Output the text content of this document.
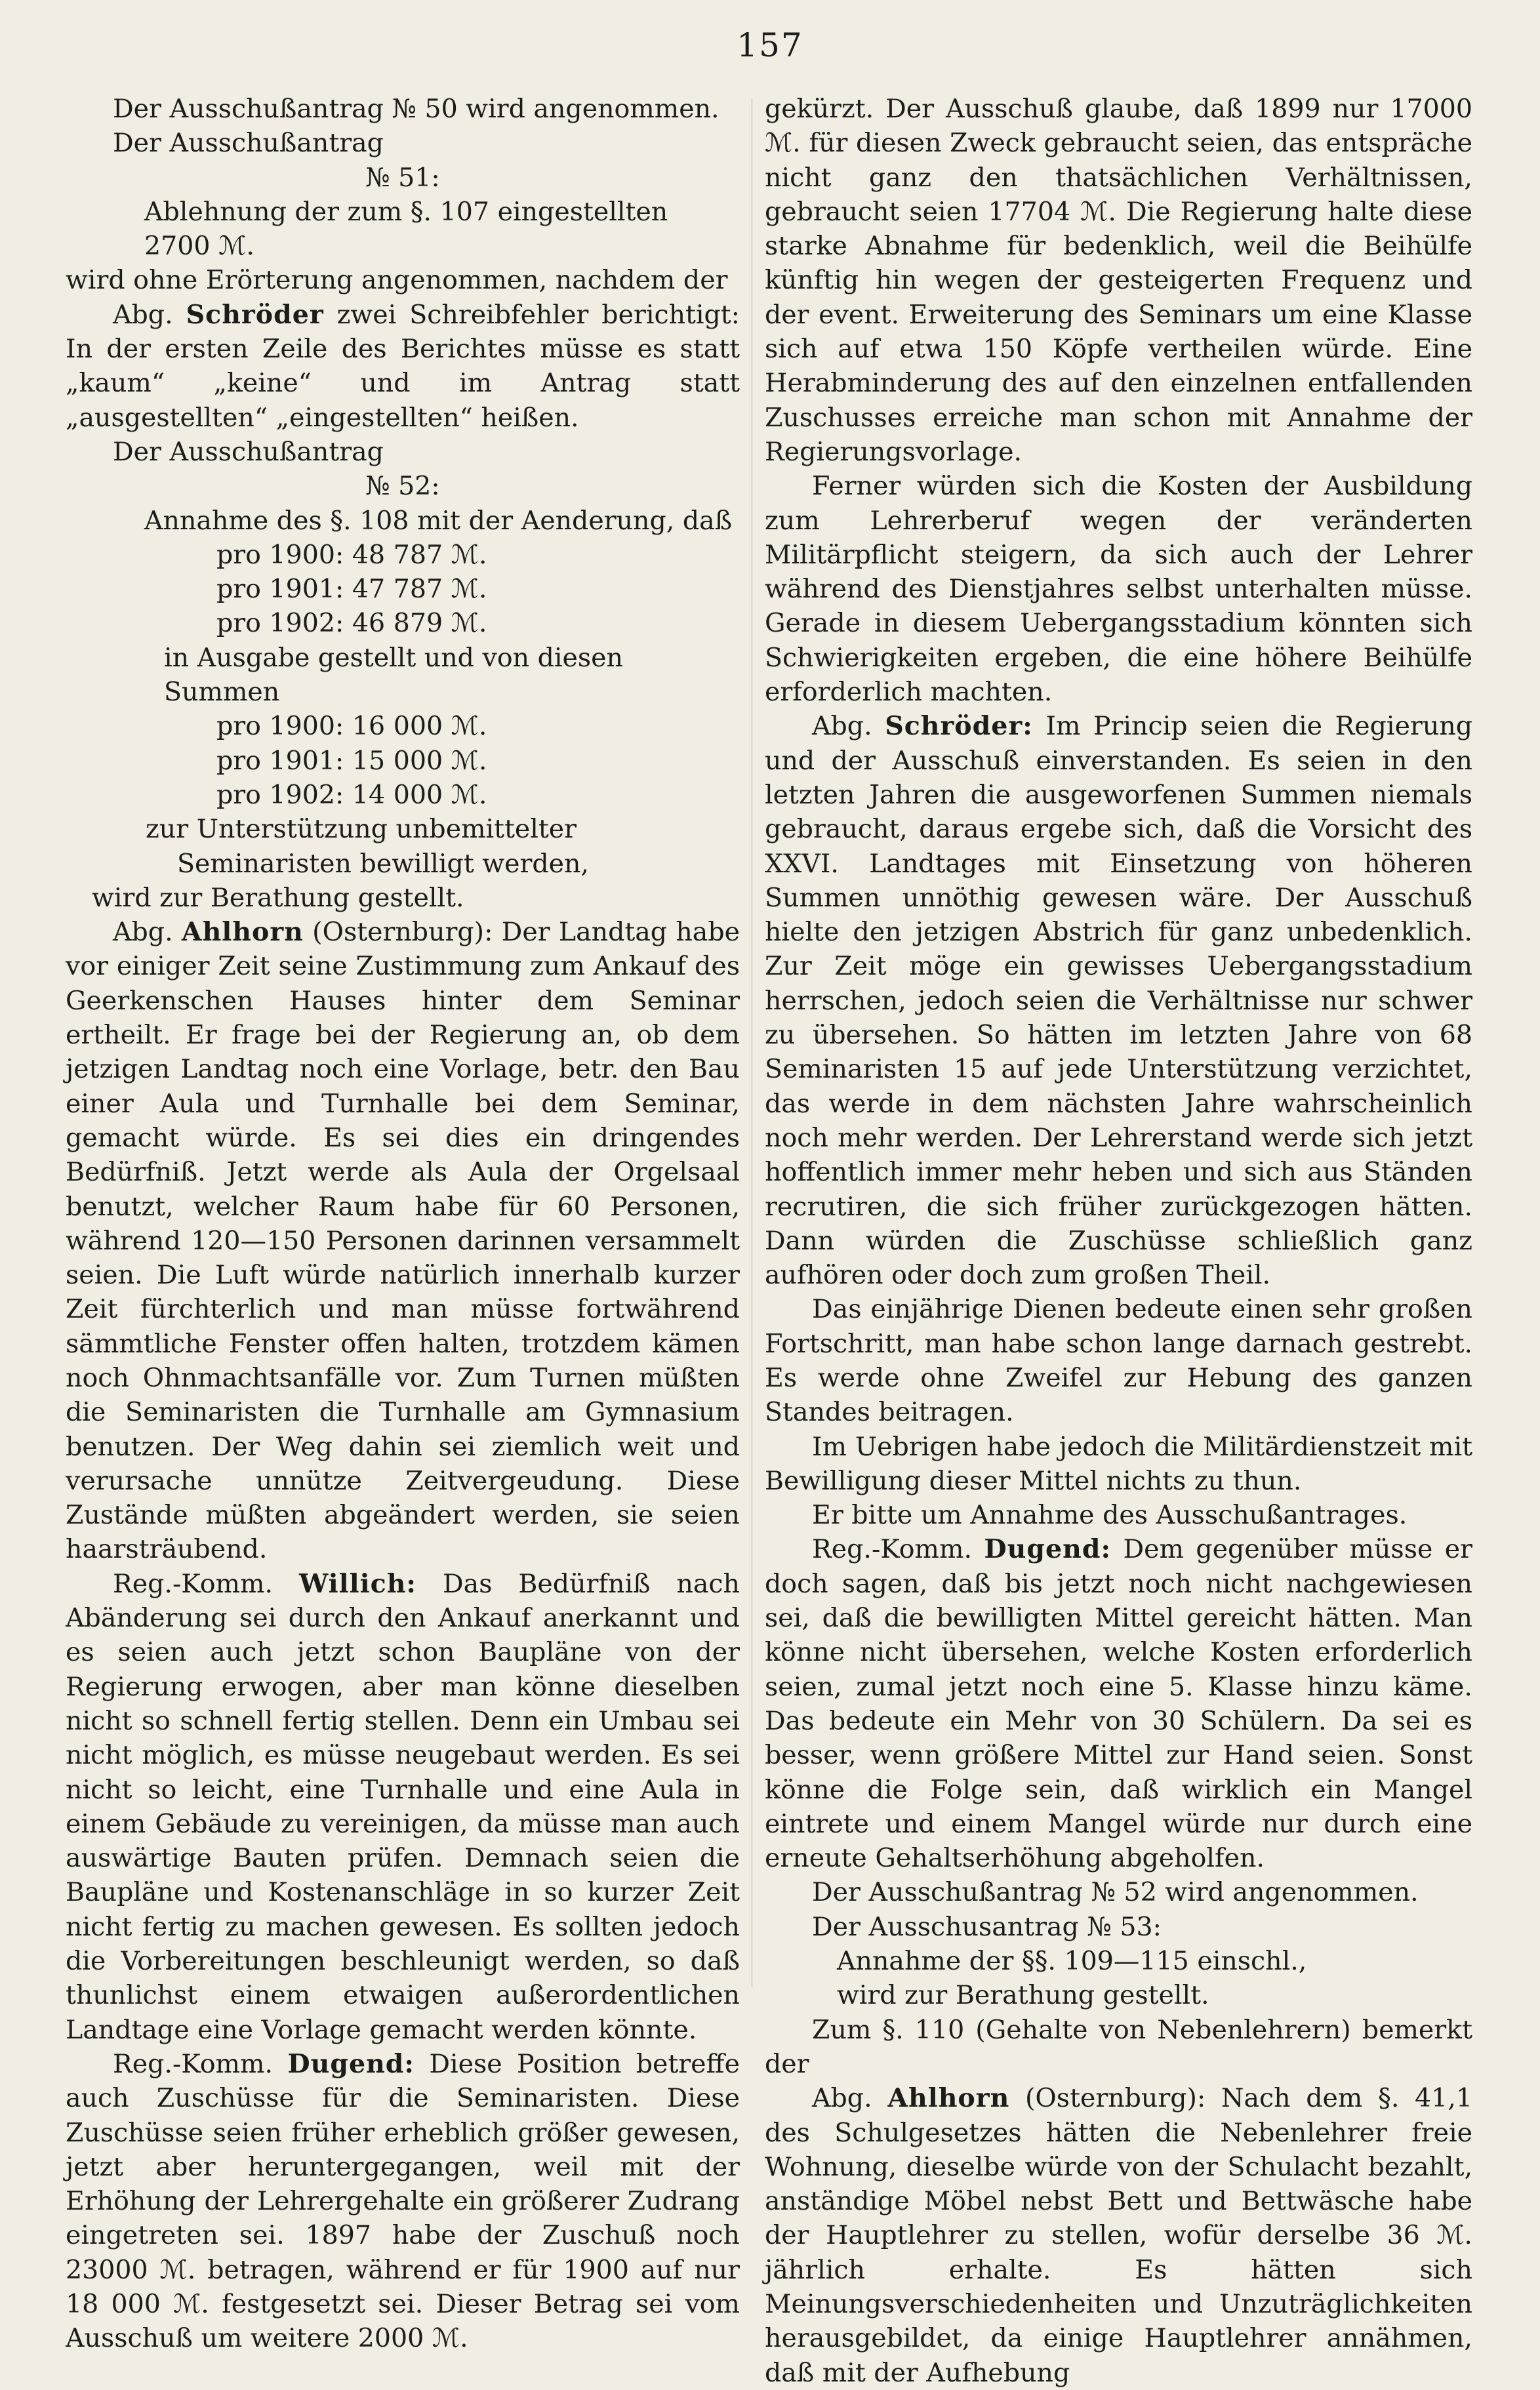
157

Der Ausschußantrag № 50 wird angenommen.

Der Ausschußantrag

№ 51:

Ablehnung der zum §. 107 eingestellten 2700 ℳ.

wird ohne Erörterung angenommen, nachdem der

Abg. Schröder zwei Schreibfehler berichtigt: In der ersten Zeile des Berichtes müsse es statt „kaum“ „keine“ und im Antrag statt „ausgestellten“ „eingestellten“ heißen.

Der Ausschußantrag

№ 52:

Annahme des §. 108 mit der Aenderung, daß

pro 1900: 48 787 ℳ.

pro 1901: 47 787 ℳ.

pro 1902: 46 879 ℳ.

in Ausgabe gestellt und von diesen Summen

pro 1900: 16 000 ℳ.

pro 1901: 15 000 ℳ.

pro 1902: 14 000 ℳ.

zur Unterstützung unbemittelter Seminaristen bewilligt werden,

wird zur Berathung gestellt.

Abg. Ahlhorn (Osternburg): Der Landtag habe vor einiger Zeit seine Zustimmung zum Ankauf des Geerkenschen Hauses hinter dem Seminar ertheilt. Er frage bei der Regierung an, ob dem jetzigen Landtag noch eine Vorlage, betr. den Bau einer Aula und Turnhalle bei dem Seminar, gemacht würde. Es sei dies ein dringendes Bedürfniß. Jetzt werde als Aula der Orgelsaal benutzt, welcher Raum habe für 60 Personen, während 120—150 Personen darinnen versammelt seien. Die Luft würde natürlich innerhalb kurzer Zeit fürchterlich und man müsse fortwährend sämmtliche Fenster offen halten, trotzdem kämen noch Ohnmachtsanfälle vor. Zum Turnen müßten die Seminaristen die Turnhalle am Gymnasium benutzen. Der Weg dahin sei ziemlich weit und verursache unnütze Zeitvergeudung. Diese Zustände müßten abgeändert werden, sie seien haarsträubend.

Reg.-Komm. Willich: Das Bedürfniß nach Abänderung sei durch den Ankauf anerkannt und es seien auch jetzt schon Baupläne von der Regierung erwogen, aber man könne dieselben nicht so schnell fertig stellen. Denn ein Umbau sei nicht möglich, es müsse neugebaut werden. Es sei nicht so leicht, eine Turnhalle und eine Aula in einem Gebäude zu vereinigen, da müsse man auch auswärtige Bauten prüfen. Demnach seien die Baupläne und Kostenanschläge in so kurzer Zeit nicht fertig zu machen gewesen. Es sollten jedoch die Vorbereitungen beschleunigt werden, so daß thunlichst einem etwaigen außerordentlichen Landtage eine Vorlage gemacht werden könnte.

Reg.-Komm. Dugend: Diese Position betreffe auch Zuschüsse für die Seminaristen. Diese Zuschüsse seien früher erheblich größer gewesen, jetzt aber heruntergegangen, weil mit der Erhöhung der Lehrergehalte ein größerer Zudrang eingetreten sei. 1897 habe der Zuschuß noch 23000 ℳ. betragen, während er für 1900 auf nur 18 000 ℳ. festgesetzt sei. Dieser Betrag sei vom Ausschuß um weitere 2000 ℳ.

gekürzt. Der Ausschuß glaube, daß 1899 nur 17000 ℳ. für diesen Zweck gebraucht seien, das entspräche nicht ganz den thatsächlichen Verhältnissen, gebraucht seien 17704 ℳ. Die Regierung halte diese starke Abnahme für bedenklich, weil die Beihülfe künftig hin wegen der gesteigerten Frequenz und der event. Erweiterung des Seminars um eine Klasse sich auf etwa 150 Köpfe vertheilen würde. Eine Herabminderung des auf den einzelnen entfallenden Zuschusses erreiche man schon mit Annahme der Regierungsvorlage.

Ferner würden sich die Kosten der Ausbildung zum Lehrerberuf wegen der veränderten Militärpflicht steigern, da sich auch der Lehrer während des Dienstjahres selbst unterhalten müsse. Gerade in diesem Uebergangsstadium könnten sich Schwierigkeiten ergeben, die eine höhere Beihülfe erforderlich machten.

Abg. Schröder: Im Princip seien die Regierung und der Ausschuß einverstanden. Es seien in den letzten Jahren die ausgeworfenen Summen niemals gebraucht, daraus ergebe sich, daß die Vorsicht des XXVI. Landtages mit Einsetzung von höheren Summen unnöthig gewesen wäre. Der Ausschuß hielte den jetzigen Abstrich für ganz unbedenklich. Zur Zeit möge ein gewisses Uebergangsstadium herrschen, jedoch seien die Verhältnisse nur schwer zu übersehen. So hätten im letzten Jahre von 68 Seminaristen 15 auf jede Unterstützung verzichtet, das werde in dem nächsten Jahre wahrscheinlich noch mehr werden. Der Lehrerstand werde sich jetzt hoffentlich immer mehr heben und sich aus Ständen recrutiren, die sich früher zurückgezogen hätten. Dann würden die Zuschüsse schließlich ganz aufhören oder doch zum großen Theil.

Das einjährige Dienen bedeute einen sehr großen Fortschritt, man habe schon lange darnach gestrebt. Es werde ohne Zweifel zur Hebung des ganzen Standes beitragen.

Im Uebrigen habe jedoch die Militärdienstzeit mit Bewilligung dieser Mittel nichts zu thun.

Er bitte um Annahme des Ausschußantrages.

Reg.-Komm. Dugend: Dem gegenüber müsse er doch sagen, daß bis jetzt noch nicht nachgewiesen sei, daß die bewilligten Mittel gereicht hätten. Man könne nicht übersehen, welche Kosten erforderlich seien, zumal jetzt noch eine 5. Klasse hinzu käme. Das bedeute ein Mehr von 30 Schülern. Da sei es besser, wenn größere Mittel zur Hand seien. Sonst könne die Folge sein, daß wirklich ein Mangel eintrete und einem Mangel würde nur durch eine erneute Gehaltserhöhung abgeholfen.

Der Ausschußantrag № 52 wird angenommen.

Der Ausschusantrag № 53:

Annahme der §§. 109—115 einschl.,

wird zur Berathung gestellt.

Zum §. 110 (Gehalte von Nebenlehrern) bemerkt der

Abg. Ahlhorn (Osternburg): Nach dem §. 41,1 des Schulgesetzes hätten die Nebenlehrer freie Wohnung, dieselbe würde von der Schulacht bezahlt, anständige Möbel nebst Bett und Bettwäsche habe der Hauptlehrer zu stellen, wofür derselbe 36 ℳ. jährlich erhalte. Es hätten sich Meinungsverschiedenheiten und Unzuträglichkeiten herausgebildet, da einige Hauptlehrer annähmen, daß mit der Aufhebung
